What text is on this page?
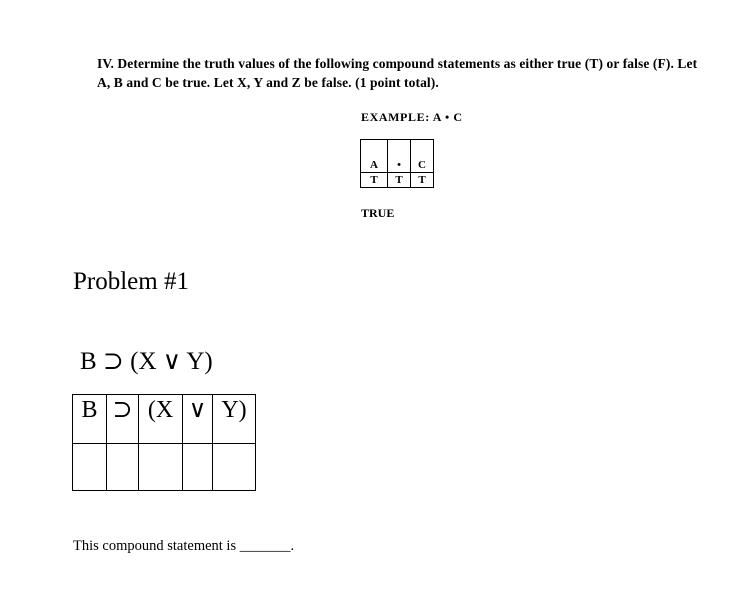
IV. Determine the truth values of the following compound statements as either true (T) or false (F). Let A, B and C be true. Let X, Y and Z be false. (1 point total).

EXAMPLE: A • C

A	•	C
T	T	T

TRUE

Problem #1

B ⊃ (X ∨ Y)

B	⊃	(X	∨	Y)

This compound statement is _______.
